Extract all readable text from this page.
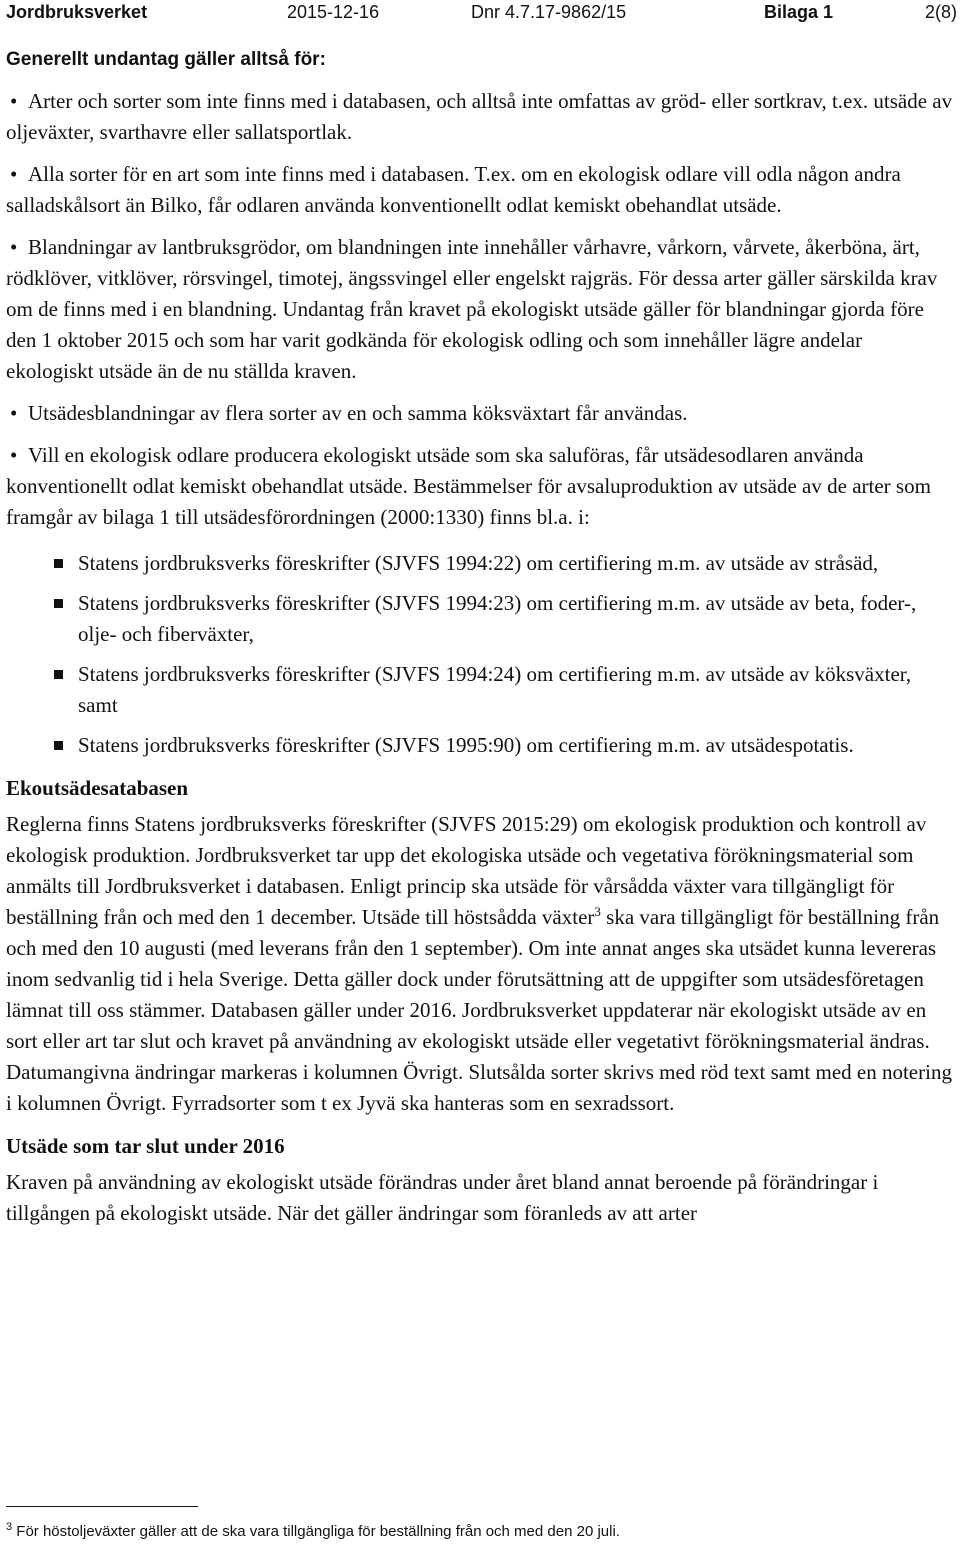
Jordbruksverket	2015-12-16	Dnr 4.7.17-9862/15	Bilaga 1	2(8)
Generellt undantag gäller alltså för:
• Arter och sorter som inte finns med i databasen, och alltså inte omfattas av gröd- eller sortkrav, t.ex. utsäde av oljeväxter, svarthavre eller sallatsportlak.
• Alla sorter för en art som inte finns med i databasen. T.ex. om en ekologisk odlare vill odla någon andra salladskålsort än Bilko, får odlaren använda konventionellt odlat kemiskt obehandlat utsäde.
• Blandningar av lantbruksgrödor, om blandningen inte innehåller vårhavre, vårkorn, vårvete, åkerböna, ärt, rödklöver, vitklöver, rörsvingel, timotej, ängssvingel eller engelskt rajgräs. För dessa arter gäller särskilda krav om de finns med i en blandning. Undantag från kravet på ekologiskt utsäde gäller för blandningar gjorda före den 1 oktober 2015 och som har varit godkända för ekologisk odling och som innehåller lägre andelar ekologiskt utsäde än de nu ställda kraven.
• Utsädesblandningar av flera sorter av en och samma köksväxtart får användas.
• Vill en ekologisk odlare producera ekologiskt utsäde som ska saluföras, får utsädesodlaren använda konventionellt odlat kemiskt obehandlat utsäde. Bestämmelser för avsaluproduktion av utsäde av de arter som framgår av bilaga 1 till utsädesförordningen (2000:1330) finns bl.a. i:
Statens jordbruksverks föreskrifter (SJVFS 1994:22) om certifiering m.m. av utsäde av stråsäd,
Statens jordbruksverks föreskrifter (SJVFS 1994:23) om certifiering m.m. av utsäde av beta, foder-, olje- och fiberväxter,
Statens jordbruksverks föreskrifter (SJVFS 1994:24) om certifiering m.m. av utsäde av köksväxter, samt
Statens jordbruksverks föreskrifter (SJVFS 1995:90) om certifiering m.m. av utsädespotatis.
Ekoutsädesatabasen

Reglerna finns Statens jordbruksverks föreskrifter (SJVFS 2015:29) om ekologisk produktion och kontroll av ekologisk produktion. Jordbruksverket tar upp det ekologiska utsäde och vegetativa förökningsmaterial som anmälts till Jordbruksverket i databasen. Enligt princip ska utsäde för vårsådda växter vara tillgängligt för beställning från och med den 1 december. Utsäde till höstsådda växter$^3$ ska vara tillgängligt för beställning från och med den 10 augusti (med leverans från den 1 september). Om inte annat anges ska utsädet kunna levereras inom sedvanlig tid i hela Sverige. Detta gäller dock under förutsättning att de uppgifter som utsädesföretagen lämnat till oss stämmer. Databasen gäller under 2016. Jordbruksverket uppdaterar när ekologiskt utsäde av en sort eller art tar slut och kravet på användning av ekologiskt utsäde eller vegetativt förökningsmaterial ändras. Datumangivna ändringar markeras i kolumnen Övrigt. Slutsålda sorter skrivs med röd text samt med en notering i kolumnen Övrigt. Fyrradsorter som t ex Jyvä ska hanteras som en sexradssort.

Utsäde som tar slut under 2016

Kraven på användning av ekologiskt utsäde förändras under året bland annat beroende på förändringar i tillgången på ekologiskt utsäde. När det gäller ändringar som föranleds av att arter

$^3$ För höstoljeväxter gäller att de ska vara tillgängliga för beställning från och med den 20 juli.
